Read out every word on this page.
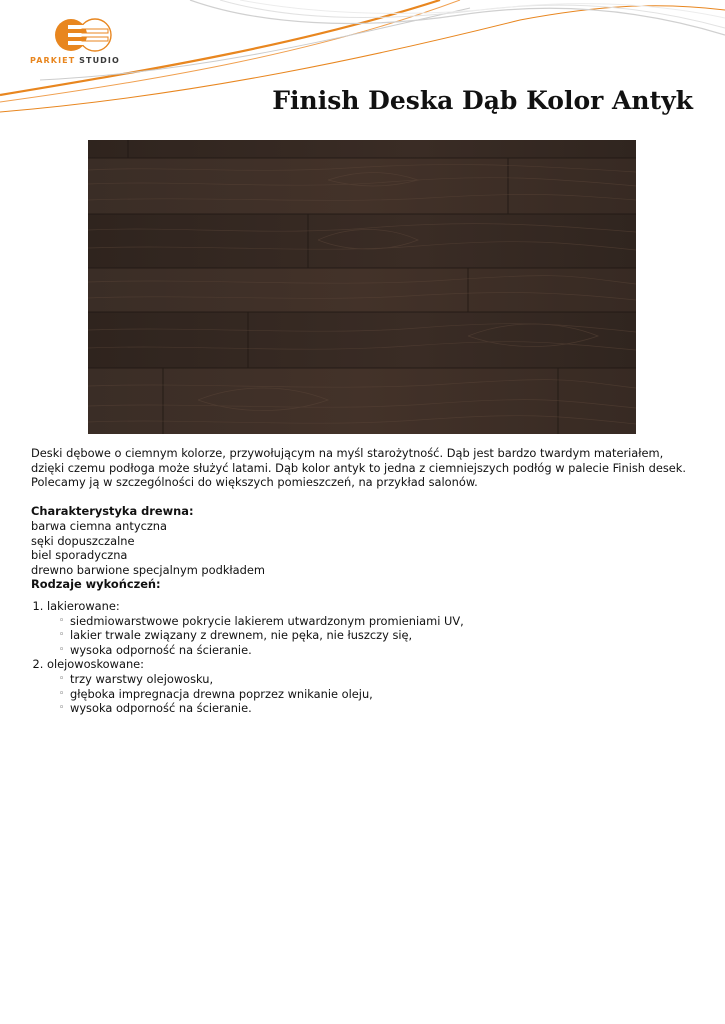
PARKIET STUDIO
Finish Deska Dąb Kolor Antyk

Deski dębowe o ciemnym kolorze, przywołującym na myśl starożytność. Dąb jest bardzo twardym materiałem, dzięki czemu podłoga może służyć latami. Dąb kolor antyk to jedna z ciemniejszych podłóg w palecie Finish desek. Polecamy ją w szczególności do większych pomieszczeń, na przykład salonów.

Charakterystyka drewna:

barwa ciemna antyczna
sęki dopuszczalne
biel sporadyczna
drewno barwione specjalnym podkładem

Rodzaje wykończeń:

1. lakierowane:
◦ siedmiowarstwowe pokrycie lakierem utwardzonym promieniami UV,
◦ lakier trwale związany z drewnem, nie pęka, nie łuszczy się,
◦ wysoka odporność na ścieranie.
2. olejowoskowane:
◦ trzy warstwy olejowosku,
◦ głęboka impregnacja drewna poprzez wnikanie oleju,
◦ wysoka odporność na ścieranie.
